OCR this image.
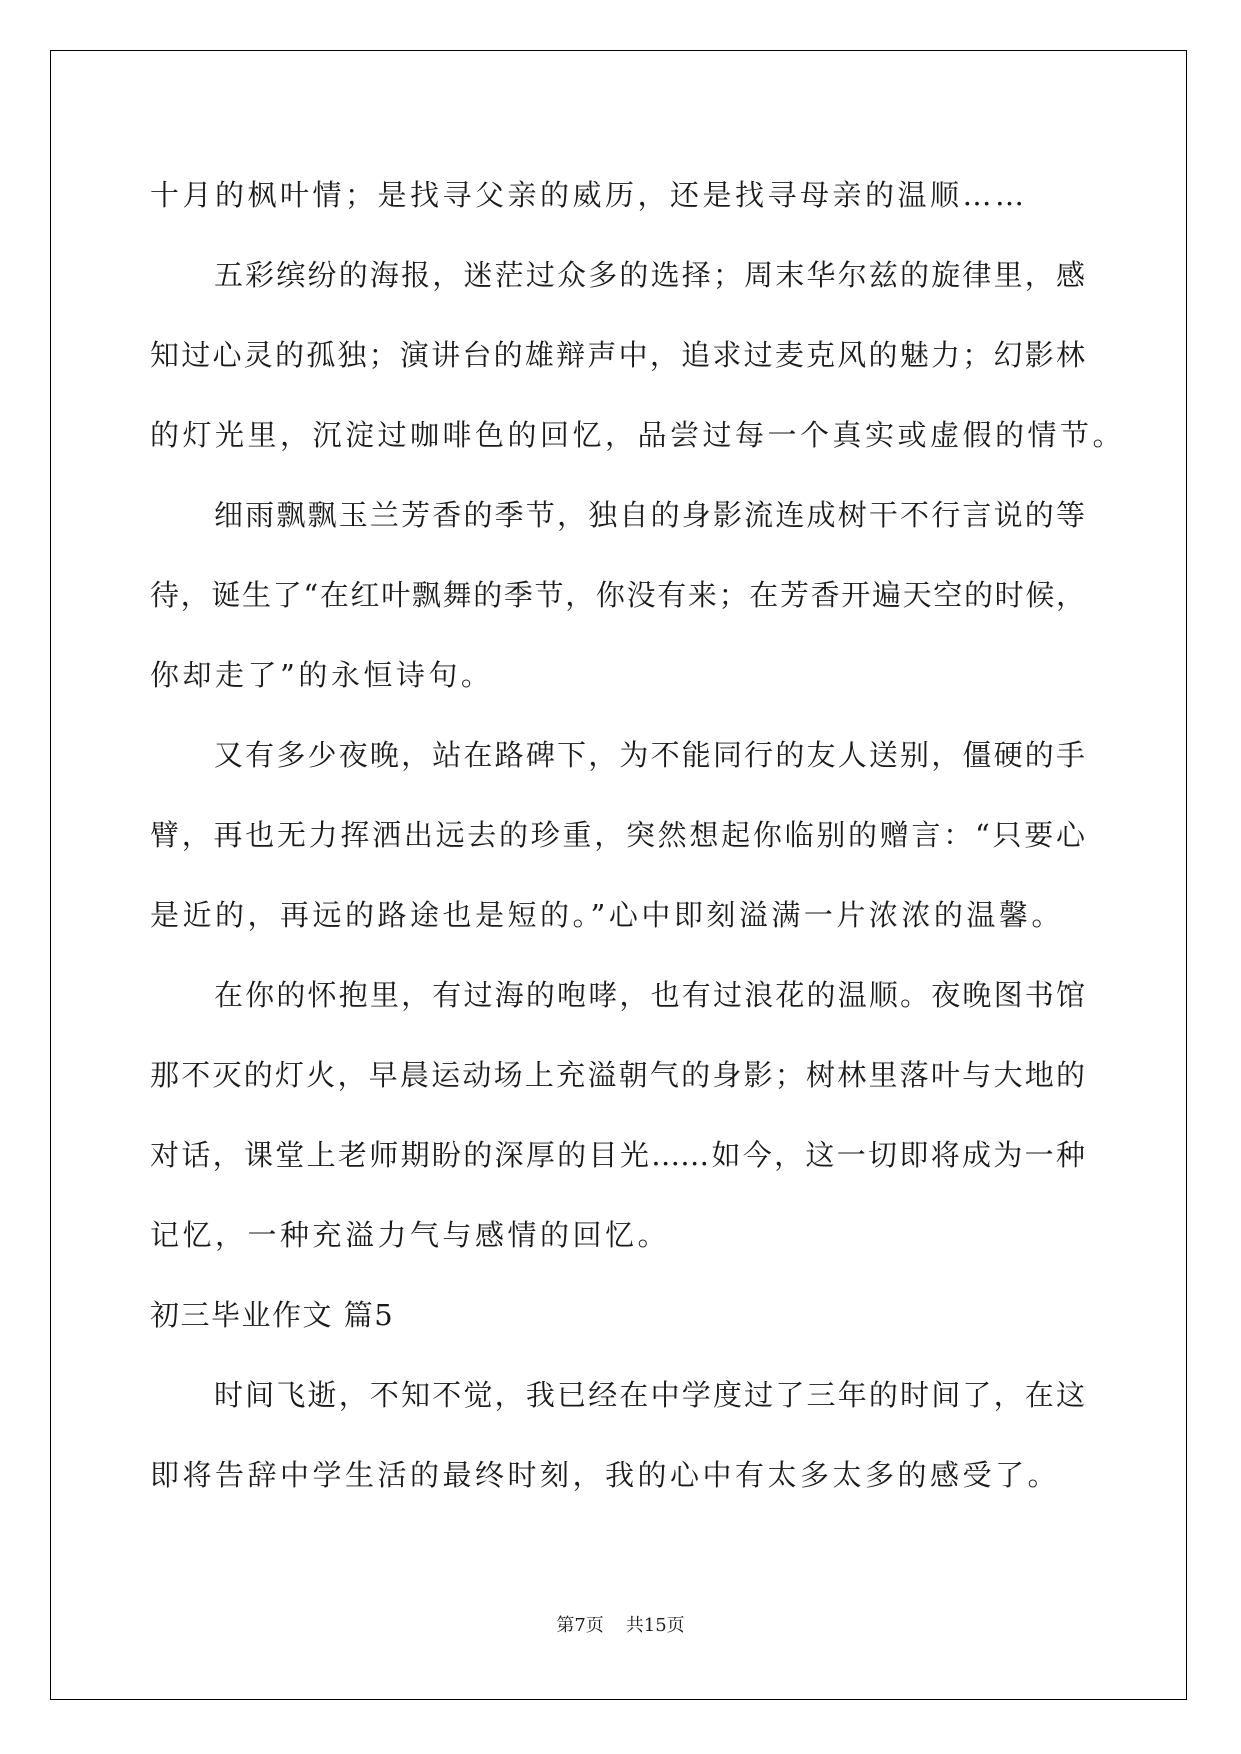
十月的枫叶情；是找寻父亲的威历，还是找寻母亲的温顺……
五彩缤纷的海报，迷茫过众多的选择；周末华尔兹的旋律里，感
知过心灵的孤独；演讲台的雄辩声中，追求过麦克风的魅力；幻影林
的灯光里，沉淀过咖啡色的回忆，品尝过每一个真实或虚假的情节。
细雨飘飘玉兰芳香的季节，独自的身影流连成树干不行言说的等
待，诞生了“在红叶飘舞的季节，你没有来；在芳香开遍天空的时候，
你却走了”的永恒诗句。
又有多少夜晚，站在路碑下，为不能同行的友人送别，僵硬的手
臂，再也无力挥洒出远去的珍重，突然想起你临别的赠言：“只要心
是近的，再远的路途也是短的。”心中即刻溢满一片浓浓的温馨。
在你的怀抱里，有过海的咆哮，也有过浪花的温顺。夜晚图书馆
那不灭的灯火，早晨运动场上充溢朝气的身影；树林里落叶与大地的
对话，课堂上老师期盼的深厚的目光……如今，这一切即将成为一种
记忆，一种充溢力气与感情的回忆。
初三毕业作文 篇5
时间飞逝，不知不觉，我已经在中学度过了三年的时间了，在这
即将告辞中学生活的最终时刻，我的心中有太多太多的感受了。
第7页 共15页
